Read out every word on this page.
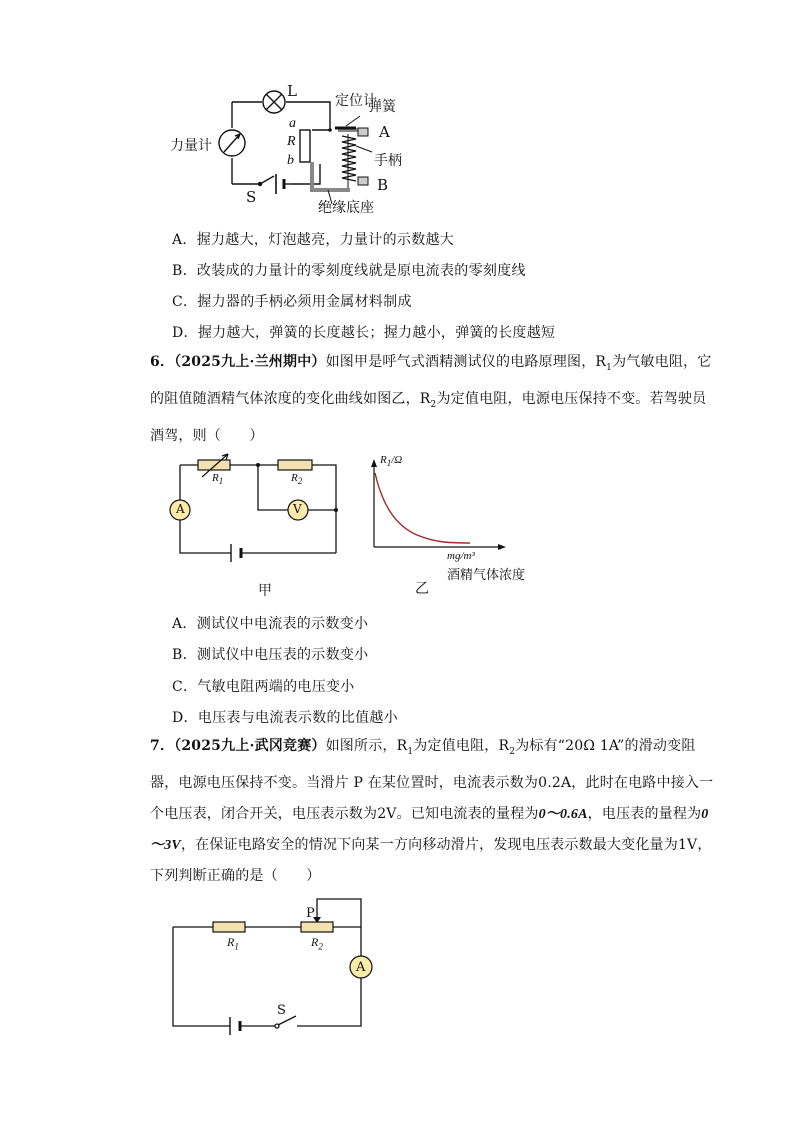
L
定位计
弹簧
a
R
b
A
手柄
B
力量计
S
绝缘底座
A．握力越大，灯泡越亮，力量计的示数越大
B．改装成的力量计的零刻度线就是原电流表的零刻度线
C．握力器的手柄必须用金属材料制成
D．握力越大，弹簧的长度越长；握力越小，弹簧的长度越短
6．（2025九上·兰州期中）如图甲是呼气式酒精测试仪的电路原理图，$R_1$为气敏电阻，它的阻值随酒精气体浓度的变化曲线如图乙，$R_2$为定值电阻，电源电压保持不变。若驾驶员酒驾，则（　　）
$R_1$	$R_2$
A	V
甲
$R_1/\Omega$
mg/m³
酒精气体浓度
乙
A．测试仪中电流表的示数变小
B．测试仪中电压表的示数变小
C．气敏电阻两端的电压变小
D．电压表与电流表示数的比值越小
7．（2025九上·武冈竞赛）如图所示，$R_1$为定值电阻，$R_2$为标有“20Ω 1A”的滑动变阻器，电源电压保持不变。当滑片 P 在某位置时，电流表示数为0.2A，此时在电路中接入一个电压表，闭合开关，电压表示数为2V。已知电流表的量程为0～0.6A，电压表的量程为0～3V，在保证电路安全的情况下向某一方向移动滑片，发现电压表示数最大变化量为1V，下列判断正确的是（　　）
P
$R_1$	$R_2$
A
S
